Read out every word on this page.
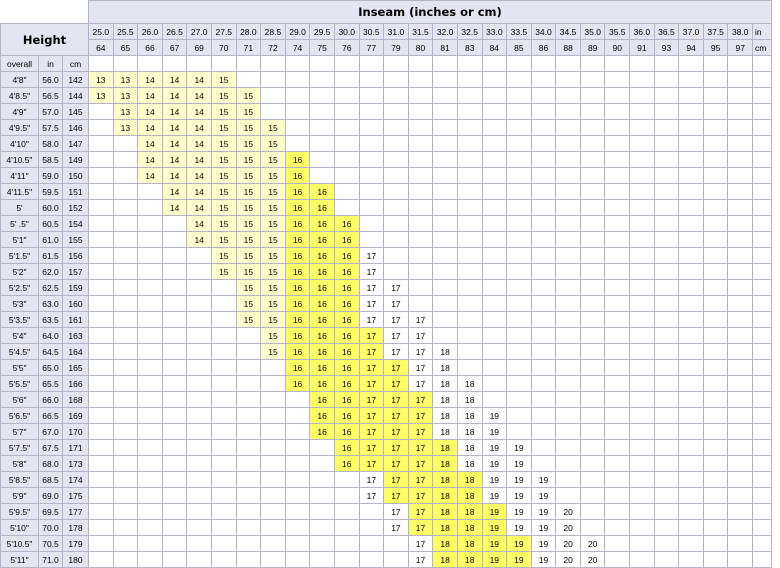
			Inseam (inches or cm)																											
Height			25.0	25.5	26.0	26.5	27.0	27.5	28.0	28.5	29.0	29.5	30.0	30.5	31.0	31.5	32.0	32.5	33.0	33.5	34.0	34.5	35.0	35.5	36.0	36.5	37.0	37.5	38.0	in
			64	65	66	67	69	70	71	72	74	75	76	77	79	80	81	83	84	85	86	88	89	90	91	93	94	95	97	cm
overall	in	cm																												
4'8"	56.0	142	13	13	14	14	14	15																						
4'8.5"	56.5	144	13	13	14	14	14	15	15																					
4'9"	57.0	145		13	14	14	14	15	15																					
4'9.5"	57.5	146		13	14	14	14	15	15	15																				
4'10"	58.0	147			14	14	14	15	15	15																				
4'10.5"	58.5	149			14	14	14	15	15	15	16																			
4'11"	59.0	150			14	14	14	15	15	15	16																			
4'11.5"	59.5	151				14	14	15	15	15	16	16																		
5'	60.0	152				14	14	15	15	15	16	16																		
5' .5"	60.5	154					14	15	15	15	16	16	16																	
5'1"	61.0	155					14	15	15	15	16	16	16																	
5'1.5"	61.5	156						15	15	15	16	16	16	17																
5'2"	62.0	157						15	15	15	16	16	16	17																
5'2.5"	62.5	159							15	15	16	16	16	17	17															
5'3"	63.0	160							15	15	16	16	16	17	17															
5'3.5"	63.5	161							15	15	16	16	16	17	17	17														
5'4"	64.0	163								15	16	16	16	17	17	17														
5'4.5"	64.5	164								15	16	16	16	17	17	17	18													
5'5"	65.0	165									16	16	16	17	17	17	18													
5'5.5"	65.5	166									16	16	16	17	17	17	18	18												
5'6"	66.0	168										16	16	17	17	17	18	18												
5'6.5"	66.5	169										16	16	17	17	17	18	18	19											
5'7"	67.0	170										16	16	17	17	17	18	18	19											
5'7.5"	67.5	171											16	17	17	17	18	18	19	19										
5'8"	68.0	173											16	17	17	17	18	18	19	19										
5'8.5"	68.5	174												17	17	17	18	18	19	19	19									
5'9"	69.0	175												17	17	17	18	18	19	19	19									
5'9.5"	69.5	177													17	17	18	18	19	19	19	20								
5'10"	70.0	178													17	17	18	18	19	19	19	20								
5'10.5"	70.5	179														17	18	18	19	19	19	20	20							
5'11"	71.0	180														17	18	18	19	19	19	20	20							
